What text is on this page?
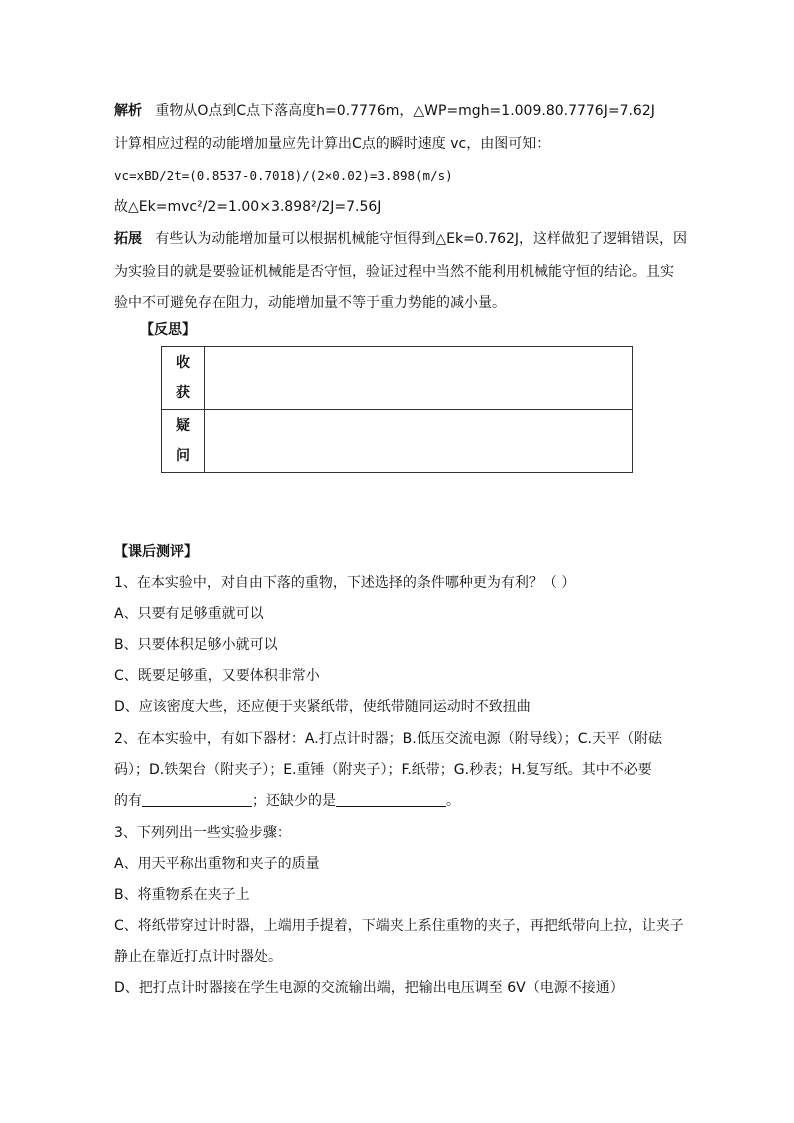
解析 重物从O点到C点下落高度h=0.7776m，△WP=mgh=1.009.80.7776J=7.62J
计算相应过程的动能增加量应先计算出C点的瞬时速度 vc，由图可知：
vc=xBD/2t=(0.8537-0.7018)/(2×0.02)=3.898(m/s)
故△Ek=mvc²/2=1.00×3.898²/2J=7.56J
拓展 有些认为动能增加量可以根据机械能守恒得到△Ek=0.762J，这样做犯了逻辑错误，因
为实验目的就是要验证机械能是否守恒，验证过程中当然不能利用机械能守恒的结论。且实
验中不可避免存在阻力，动能增加量不等于重力势能的减小量。
【反思】
收
获	

疑
问	

【课后测评】
1、在本实验中，对自由下落的重物，下述选择的条件哪种更为有利？（ ）
A、只要有足够重就可以
B、只要体积足够小就可以
C、既要足够重，又要体积非常小
D、应该密度大些，还应便于夹紧纸带，使纸带随同运动时不致扭曲
2、在本实验中，有如下器材：A.打点计时器；B.低压交流电源（附导线）；C.天平（附砝
码）；D.铁架台（附夹子）；E.重锤（附夹子）；F.纸带；G.秒表；H.复写纸。其中不必要
的有	；还缺少的是	。
3、下列列出一些实验步骤：
A、用天平称出重物和夹子的质量
B、将重物系在夹子上
C、将纸带穿过计时器，上端用手提着，下端夹上系住重物的夹子，再把纸带向上拉，让夹子
静止在靠近打点计时器处。
D、把打点计时器接在学生电源的交流输出端，把输出电压调至 6V（电源不接通）
